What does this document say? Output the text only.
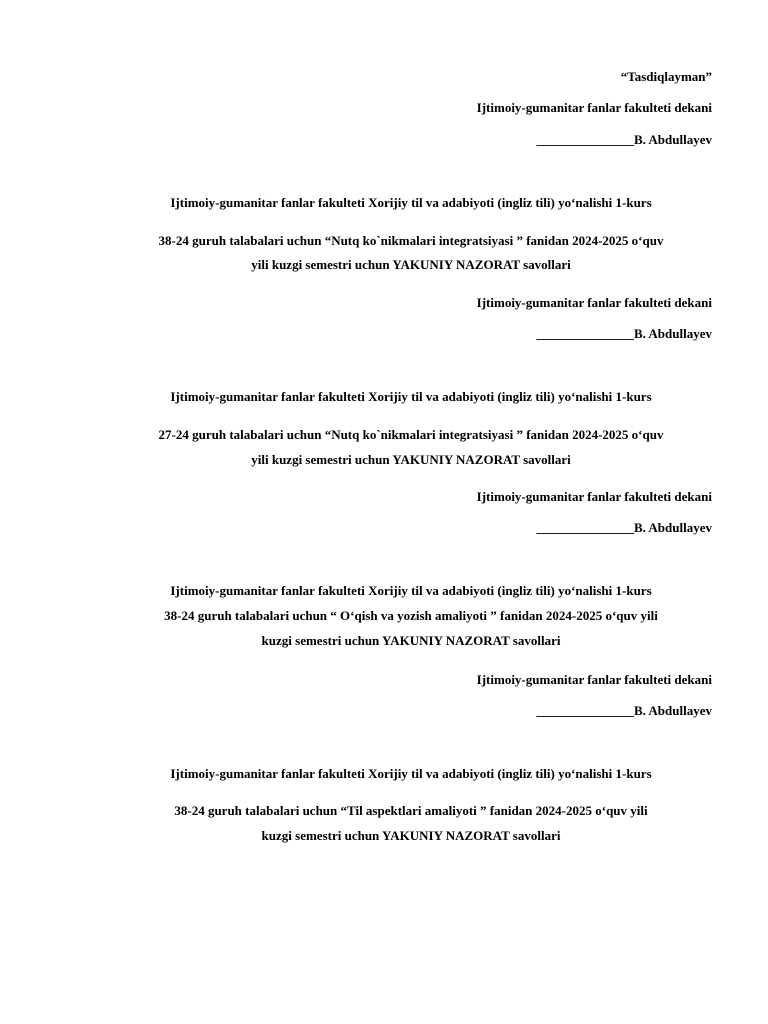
“Tasdiqlayman”
Ijtimoiy-gumanitar fanlar fakulteti dekani
_______________B. Abdullayev
Ijtimoiy-gumanitar fanlar fakulteti Xorijiy til va adabiyoti (ingliz tili) yo‘nalishi 1-kurs
38-24 guruh talabalari uchun “Nutq ko`nikmalari integratsiyasi ” fanidan 2024-2025 o‘quv
yili kuzgi semestri uchun YAKUNIY NAZORAT savollari
Ijtimoiy-gumanitar fanlar fakulteti dekani
_______________B. Abdullayev
Ijtimoiy-gumanitar fanlar fakulteti Xorijiy til va adabiyoti (ingliz tili) yo‘nalishi 1-kurs
27-24 guruh talabalari uchun “Nutq ko`nikmalari integratsiyasi ” fanidan 2024-2025 o‘quv
yili kuzgi semestri uchun YAKUNIY NAZORAT savollari
Ijtimoiy-gumanitar fanlar fakulteti dekani
_______________B. Abdullayev
Ijtimoiy-gumanitar fanlar fakulteti Xorijiy til va adabiyoti (ingliz tili) yo‘nalishi 1-kurs
38-24 guruh talabalari uchun “ O‘qish va yozish amaliyoti ” fanidan 2024-2025 o‘quv yili
kuzgi semestri uchun YAKUNIY NAZORAT savollari
Ijtimoiy-gumanitar fanlar fakulteti dekani
_______________B. Abdullayev
Ijtimoiy-gumanitar fanlar fakulteti Xorijiy til va adabiyoti (ingliz tili) yo‘nalishi 1-kurs
38-24 guruh talabalari uchun “Til aspektlari amaliyoti ” fanidan 2024-2025 o‘quv yili
kuzgi semestri uchun YAKUNIY NAZORAT savollari
